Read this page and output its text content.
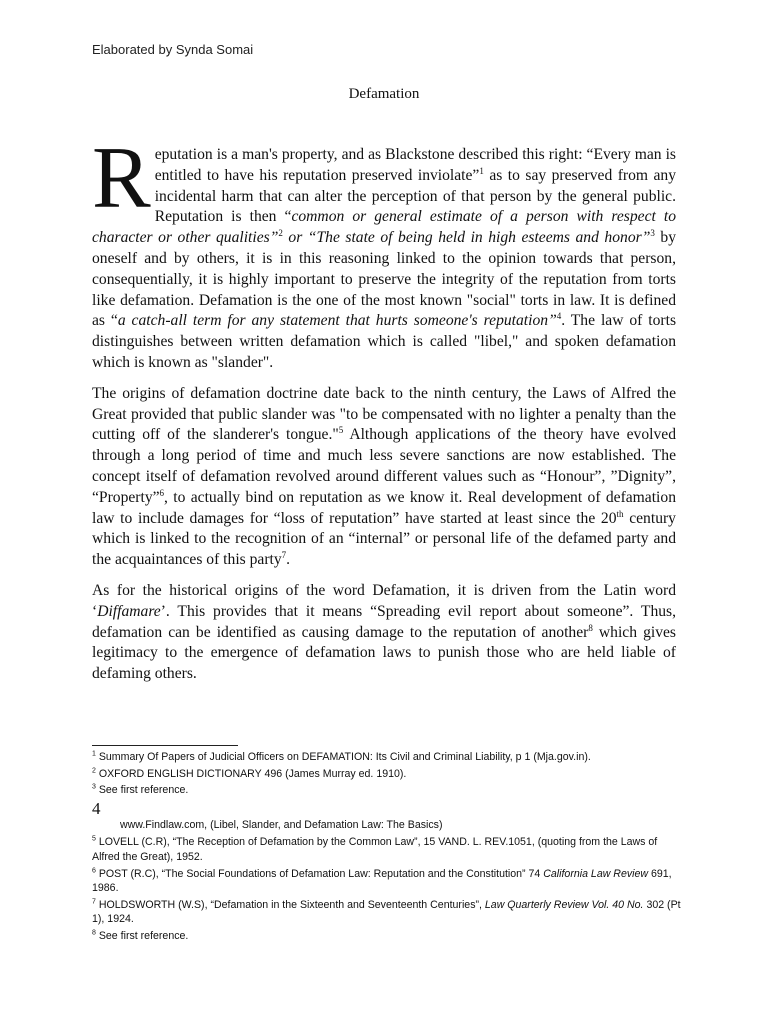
Elaborated by Synda Somai
Defamation

Reputation is a man's property, and as Blackstone described this right: “Every man is entitled to have his reputation preserved inviolate”$^1$ as to say preserved from any incidental harm that can alter the perception of that person by the general public. Reputation is then “common or general estimate of a person with respect to character or other qualities”$^2$ or “The state of being held in high esteems and honor”$^3$ by oneself and by others, it is in this reasoning linked to the opinion towards that person, consequentially, it is highly important to preserve the integrity of the reputation from torts like defamation. Defamation is the one of the most known "social" torts in law. It is defined as “a catch-all term for any statement that hurts someone's reputation”$^4$. The law of torts distinguishes between written defamation which is called "libel," and spoken defamation which is known as "slander".

The origins of defamation doctrine date back to the ninth century, the Laws of Alfred the Great provided that public slander was "to be compensated with no lighter a penalty than the cutting off of the slanderer's tongue."$^5$ Although applications of the theory have evolved through a long period of time and much less severe sanctions are now established. The concept itself of defamation revolved around different values such as “Honour”, ”Dignity”, “Property”$^6$, to actually bind on reputation as we know it. Real development of defamation law to include damages for “loss of reputation” have started at least since the 20th century which is linked to the recognition of an “internal” or personal life of the defamed party and the acquaintances of this party$^7$.

As for the historical origins of the word Defamation, it is driven from the Latin word ‘Diffamare’. This provides that it means “Spreading evil report about someone”. Thus, defamation can be identified as causing damage to the reputation of another$^8$ which gives legitimacy to the emergence of defamation laws to punish those who are held liable of defaming others.

$^1$ Summary Of Papers of Judicial Officers on DEFAMATION: Its Civil and Criminal Liability, p 1 (Mja.gov.in).
$^2$ OXFORD ENGLISH DICTIONARY 496 (James Murray ed. 1910).
$^3$ See first reference.
4
www.Findlaw.com, (Libel, Slander, and Defamation Law: The Basics)
$^5$ LOVELL (C.R), “The Reception of Defamation by the Common Law”, 15 VAND. L. REV.1051, (quoting from the Laws of Alfred the Great), 1952.
$^6$ POST (R.C), “The Social Foundations of Defamation Law: Reputation and the Constitution” 74 California Law Review 691, 1986.
$^7$ HOLDSWORTH (W.S), “Defamation in the Sixteenth and Seventeenth Centuries”, Law Quarterly Review Vol. 40 No. 302 (Pt 1), 1924.
$^8$ See first reference.
